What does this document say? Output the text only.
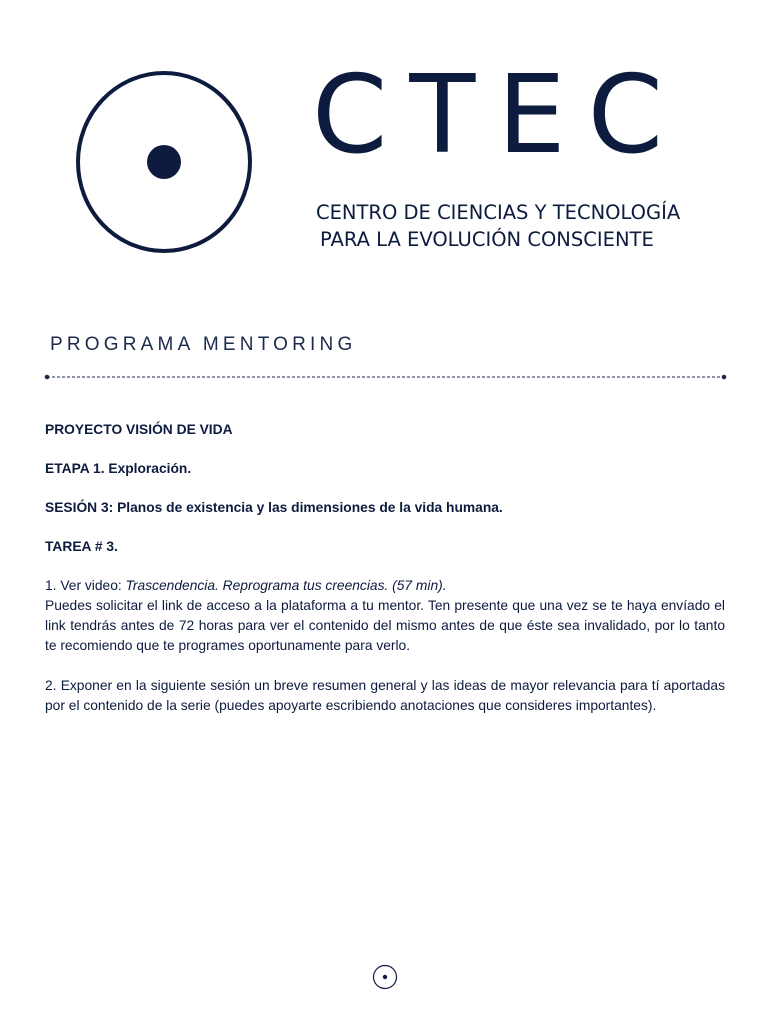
CTEC
CENTRO DE CIENCIAS Y TECNOLOGÍA
PARA LA EVOLUCIÓN CONSCIENTE
PROGRAMA MENTORING

PROYECTO VISIÓN DE VIDA

ETAPA 1. Exploración.

SESIÓN 3: Planos de existencia y las dimensiones de la vida humana.

TAREA # 3.

1. Ver video: Trascendencia. Reprograma tus creencias. (57 min).
Puedes solicitar el link de acceso a la plataforma a tu mentor. Ten presente que una vez se te haya envíado el link tendrás antes de 72 horas para ver el contenido del mismo antes de que éste sea invalidado, por lo tanto te recomiendo que te programes oportunamente para verlo.

2. Exponer en la siguiente sesión un breve resumen general y las ideas de mayor relevancia para tí aportadas por el contenido de la serie (puedes apoyarte escribiendo anotaciones que consideres importantes).
